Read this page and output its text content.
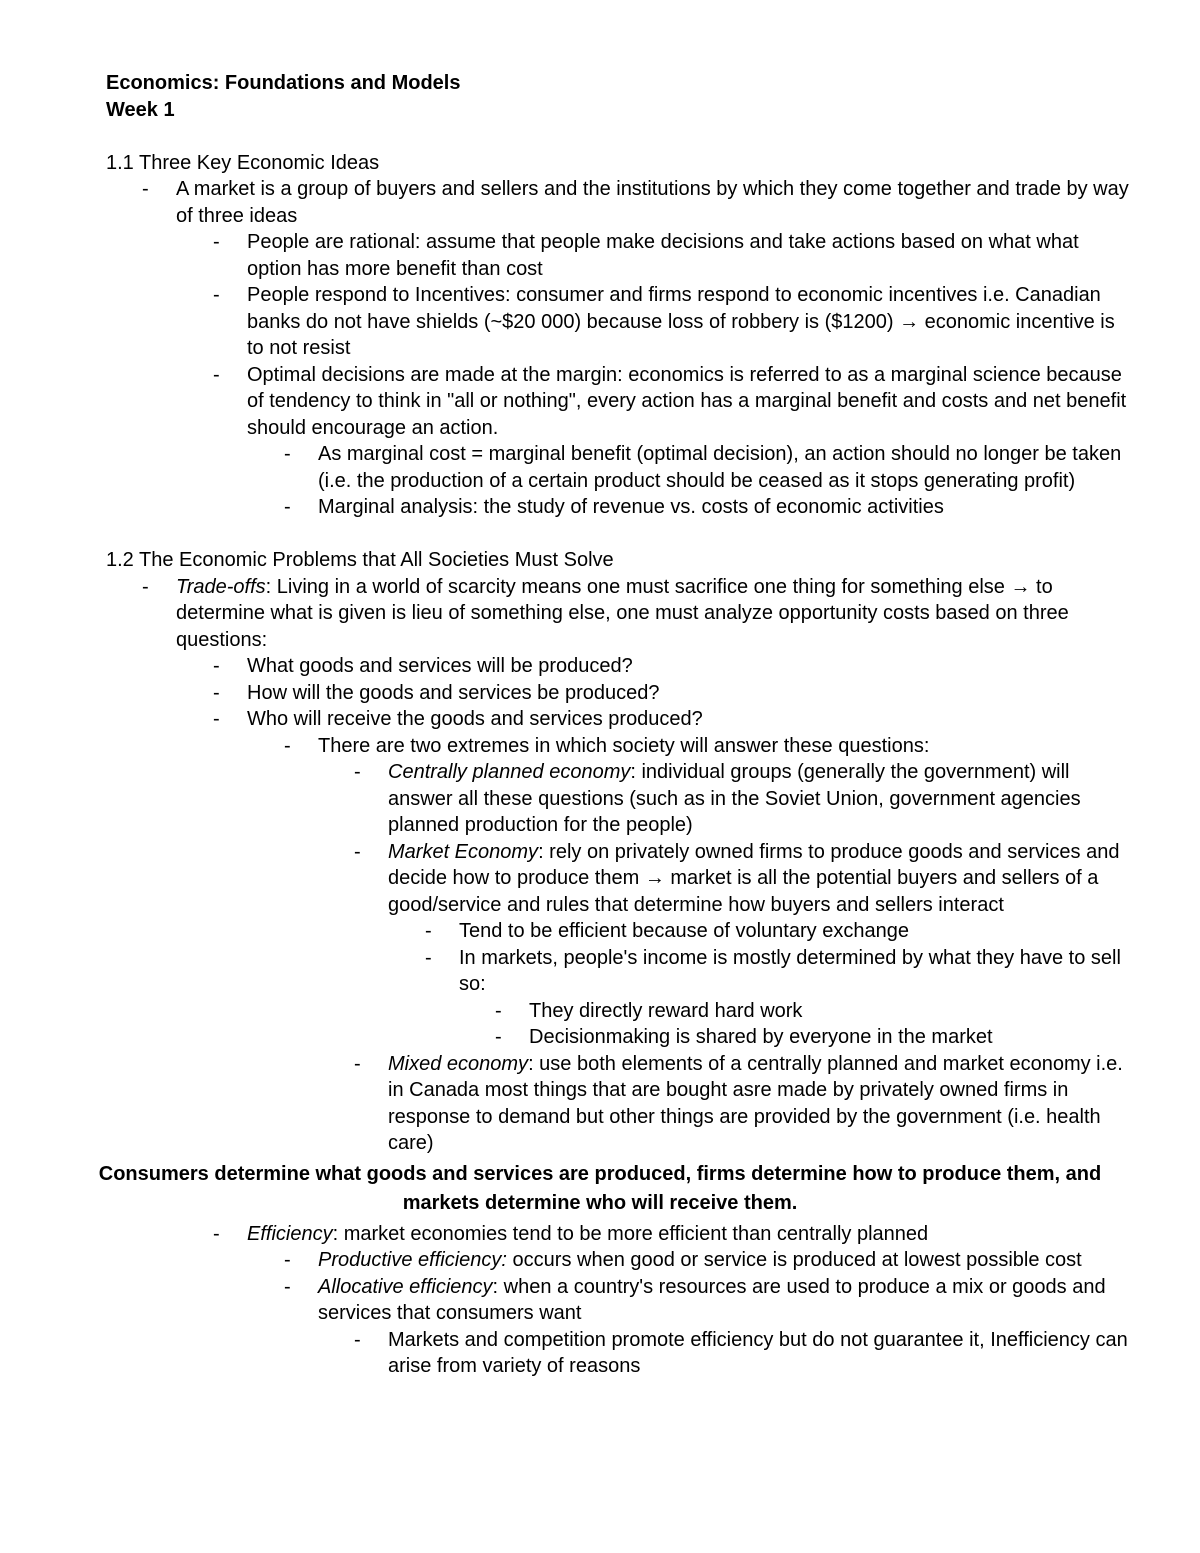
Economics: Foundations and Models
Week 1
1.1 Three Key Economic Ideas
- A market is a group of buyers and sellers and the institutions by which they come together and trade by way of three ideas
- People are rational: assume that people make decisions and take actions based on what what option has more benefit than cost
- People respond to Incentives: consumer and firms respond to economic incentives i.e. Canadian banks do not have shields (~$20 000) because loss of robbery is ($1200) → economic incentive is to not resist
- Optimal decisions are made at the margin: economics is referred to as a marginal science because of tendency to think in "all or nothing", every action has a marginal benefit and costs and net benefit should encourage an action.
- As marginal cost = marginal benefit (optimal decision), an action should no longer be taken (i.e. the production of a certain product should be ceased as it stops generating profit)
- Marginal analysis: the study of revenue vs. costs of economic activities
1.2 The Economic Problems that All Societies Must Solve
- Trade-offs: Living in a world of scarcity means one must sacrifice one thing for something else → to determine what is given is lieu of something else, one must analyze opportunity costs based on three questions:
- What goods and services will be produced?
- How will the goods and services be produced?
- Who will receive the goods and services produced?
- There are two extremes in which society will answer these questions:
- Centrally planned economy: individual groups (generally the government) will answer all these questions (such as in the Soviet Union, government agencies planned production for the people)
- Market Economy: rely on privately owned firms to produce goods and services and decide how to produce them → market is all the potential buyers and sellers of a good/service and rules that determine how buyers and sellers interact
- Tend to be efficient because of voluntary exchange
- In markets, people's income is mostly determined by what they have to sell so:
- They directly reward hard work
- Decisionmaking is shared by everyone in the market
- Mixed economy: use both elements of a centrally planned and market economy i.e. in Canada most things that are bought asre made by privately owned firms in response to demand but other things are provided by the government (i.e. health care)
Consumers determine what goods and services are produced, firms determine how to produce them, and markets determine who will receive them.
- Efficiency: market economies tend to be more efficient than centrally planned
- Productive efficiency: occurs when good or service is produced at lowest possible cost
- Allocative efficiency: when a country's resources are used to produce a mix or goods and services that consumers want
- Markets and competition promote efficiency but do not guarantee it, Inefficiency can arise from variety of reasons
